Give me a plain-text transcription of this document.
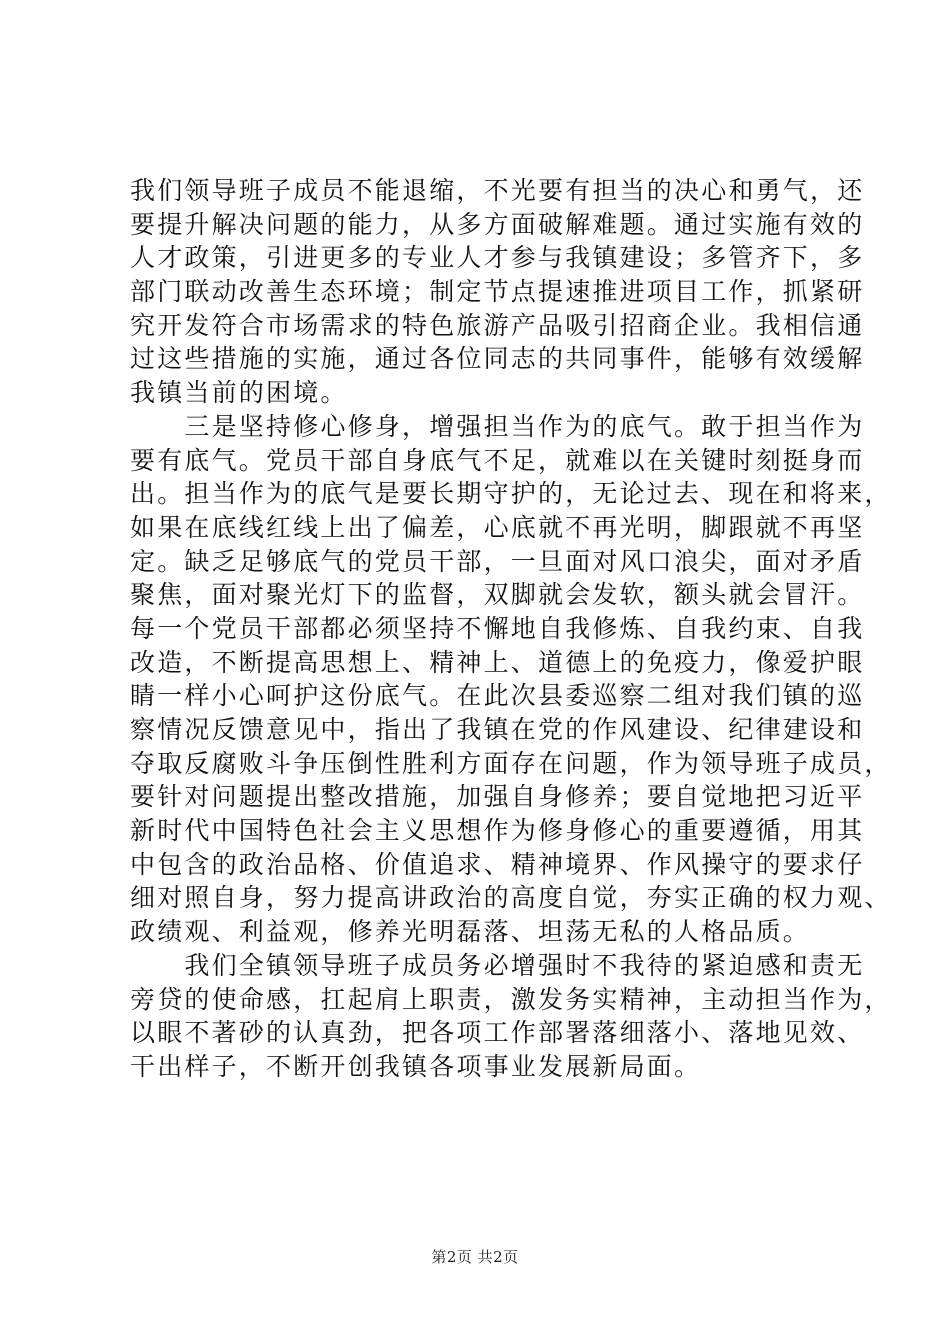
我们领导班子成员不能退缩，不光要有担当的决心和勇气，还
要提升解决问题的能力，从多方面破解难题。通过实施有效的
人才政策，引进更多的专业人才参与我镇建设；多管齐下，多
部门联动改善生态环境；制定节点提速推进项目工作，抓紧研
究开发符合市场需求的特色旅游产品吸引招商企业。我相信通
过这些措施的实施，通过各位同志的共同事件，能够有效缓解
我镇当前的困境。
　　三是坚持修心修身，增强担当作为的底气。敢于担当作为
要有底气。党员干部自身底气不足，就难以在关键时刻挺身而
出。担当作为的底气是要长期守护的，无论过去、现在和将来，
如果在底线红线上出了偏差，心底就不再光明，脚跟就不再坚
定。缺乏足够底气的党员干部，一旦面对风口浪尖，面对矛盾
聚焦，面对聚光灯下的监督，双脚就会发软，额头就会冒汗。
每一个党员干部都必须坚持不懈地自我修炼、自我约束、自我
改造，不断提高思想上、精神上、道德上的免疫力，像爱护眼
睛一样小心呵护这份底气。在此次县委巡察二组对我们镇的巡
察情况反馈意见中，指出了我镇在党的作风建设、纪律建设和
夺取反腐败斗争压倒性胜利方面存在问题，作为领导班子成员，
要针对问题提出整改措施，加强自身修养；要自觉地把习近平
新时代中国特色社会主义思想作为修身修心的重要遵循，用其
中包含的政治品格、价值追求、精神境界、作风操守的要求仔
细对照自身，努力提高讲政治的高度自觉，夯实正确的权力观、
政绩观、利益观，修养光明磊落、坦荡无私的人格品质。
　　我们全镇领导班子成员务必增强时不我待的紧迫感和责无
旁贷的使命感，扛起肩上职责，激发务实精神，主动担当作为，
以眼不著砂的认真劲，把各项工作部署落细落小、落地见效、
干出样子，不断开创我镇各项事业发展新局面。
第2页 共2页
